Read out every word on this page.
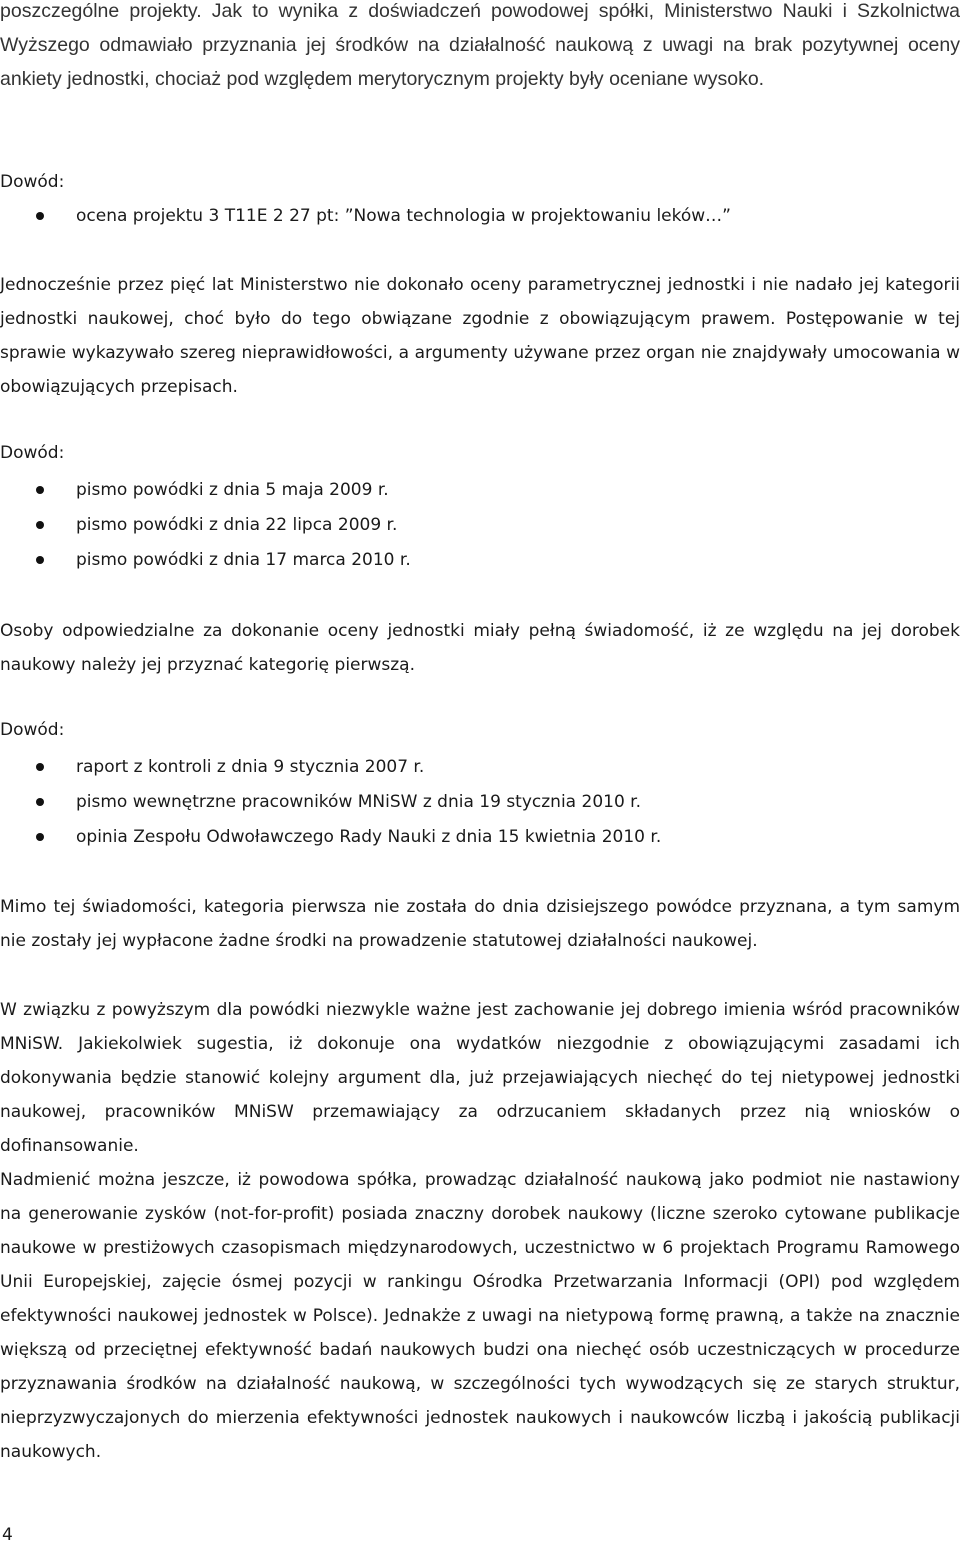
poszczególne projekty. Jak to wynika z doświadczeń powodowej spółki, Ministerstwo Nauki i Szkolnictwa Wyższego odmawiało przyznania jej środków na działalność naukową z uwagi na brak pozytywnej oceny ankiety jednostki, chociaż pod względem merytorycznym projekty były oceniane wysoko.

Dowód:
ocena projektu 3 T11E 2 27 pt: ”Nowa technologia w projektowaniu leków…”

Jednocześnie przez pięć lat Ministerstwo nie dokonało oceny parametrycznej jednostki i nie nadało jej kategorii jednostki naukowej, choć było do tego obwiązane zgodnie z obowiązującym prawem. Postępowanie w tej sprawie wykazywało szereg nieprawidłowości, a argumenty używane przez organ nie znajdywały umocowania w obowiązujących przepisach.

Dowód:
pismo powódki z dnia 5 maja 2009 r.
pismo powódki z dnia 22 lipca 2009 r.
pismo powódki z dnia 17 marca 2010 r.

Osoby odpowiedzialne za dokonanie oceny jednostki miały pełną świadomość, iż ze względu na jej dorobek naukowy należy jej przyznać kategorię pierwszą.

Dowód:
raport z kontroli z dnia 9 stycznia 2007 r.
pismo wewnętrzne pracowników MNiSW z dnia 19 stycznia 2010 r.
opinia Zespołu Odwoławczego Rady Nauki z dnia 15 kwietnia 2010 r.

Mimo tej świadomości, kategoria pierwsza nie została do dnia dzisiejszego powódce przyznana, a tym samym nie zostały jej wypłacone żadne środki na prowadzenie statutowej działalności naukowej.

W związku z powyższym dla powódki niezwykle ważne jest zachowanie jej dobrego imienia wśród pracowników MNiSW. Jakiekolwiek sugestia, iż dokonuje ona wydatków niezgodnie z obowiązującymi zasadami ich dokonywania będzie stanowić kolejny argument dla, już przejawiających niechęć do tej nietypowej jednostki naukowej, pracowników MNiSW przemawiający za odrzucaniem składanych przez nią wniosków o dofinansowanie.

Nadmienić można jeszcze, iż powodowa spółka, prowadząc działalność naukową jako podmiot nie nastawiony na generowanie zysków (not-for-profit) posiada znaczny dorobek naukowy (liczne szeroko cytowane publikacje naukowe w prestiżowych czasopismach międzynarodowych, uczestnictwo w 6 projektach Programu Ramowego Unii Europejskiej, zajęcie ósmej pozycji w rankingu Ośrodka Przetwarzania Informacji (OPI) pod względem efektywności naukowej jednostek w Polsce). Jednakże z uwagi na nietypową formę prawną, a także na znacznie większą od przeciętnej efektywność badań naukowych budzi ona niechęć osób uczestniczących w procedurze przyznawania środków na działalność naukową, w szczególności tych wywodzących się ze starych struktur, nieprzyzwyczajonych do mierzenia efektywności jednostek naukowych i naukowców liczbą i jakością publikacji naukowych.

4
